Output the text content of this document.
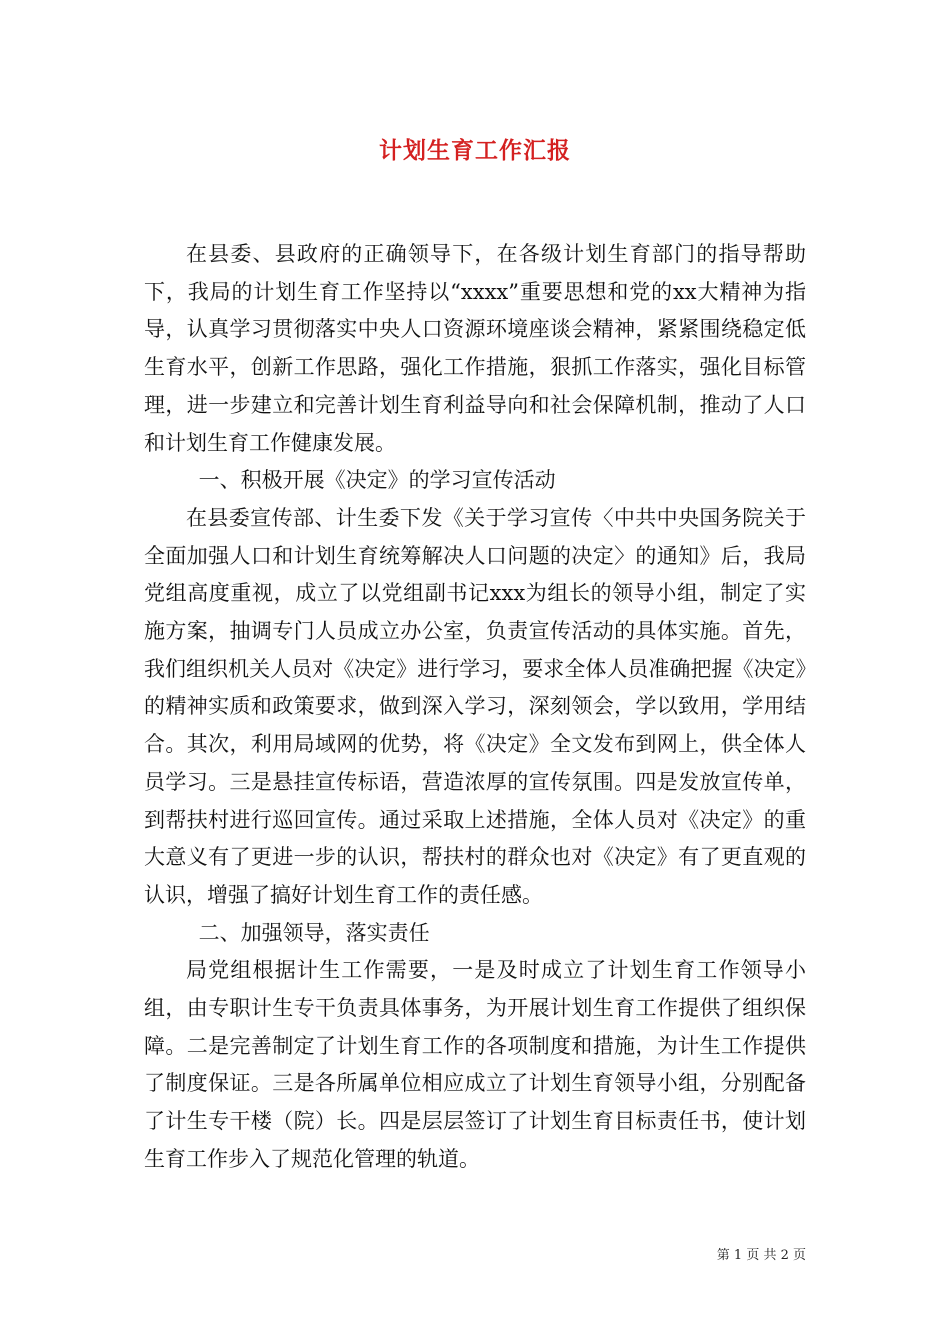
计划生育工作汇报

在县委、县政府的正确领导下，在各级计划生育部门的指导帮助下，我局的计划生育工作坚持以“xxxx”重要思想和党的xx大精神为指导，认真学习贯彻落实中央人口资源环境座谈会精神，紧紧围绕稳定低生育水平，创新工作思路，强化工作措施，狠抓工作落实，强化目标管理，进一步建立和完善计划生育利益导向和社会保障机制，推动了人口和计划生育工作健康发展。

一、积极开展《决定》的学习宣传活动

在县委宣传部、计生委下发《关于学习宣传〈中共中央国务院关于全面加强人口和计划生育统筹解决人口问题的决定〉的通知》后，我局党组高度重视，成立了以党组副书记xxx为组长的领导小组，制定了实施方案，抽调专门人员成立办公室，负责宣传活动的具体实施。首先，我们组织机关人员对《决定》进行学习，要求全体人员准确把握《决定》的精神实质和政策要求，做到深入学习，深刻领会，学以致用，学用结合。其次，利用局域网的优势，将《决定》全文发布到网上，供全体人员学习。三是悬挂宣传标语，营造浓厚的宣传氛围。四是发放宣传单，到帮扶村进行巡回宣传。通过采取上述措施，全体人员对《决定》的重大意义有了更进一步的认识，帮扶村的群众也对《决定》有了更直观的认识，增强了搞好计划生育工作的责任感。

二、加强领导，落实责任

局党组根据计生工作需要，一是及时成立了计划生育工作领导小组，由专职计生专干负责具体事务，为开展计划生育工作提供了组织保障。二是完善制定了计划生育工作的各项制度和措施，为计生工作提供了制度保证。三是各所属单位相应成立了计划生育领导小组，分别配备了计生专干楼（院）长。四是层层签订了计划生育目标责任书，使计划生育工作步入了规范化管理的轨道。

第 1 页 共 2 页
